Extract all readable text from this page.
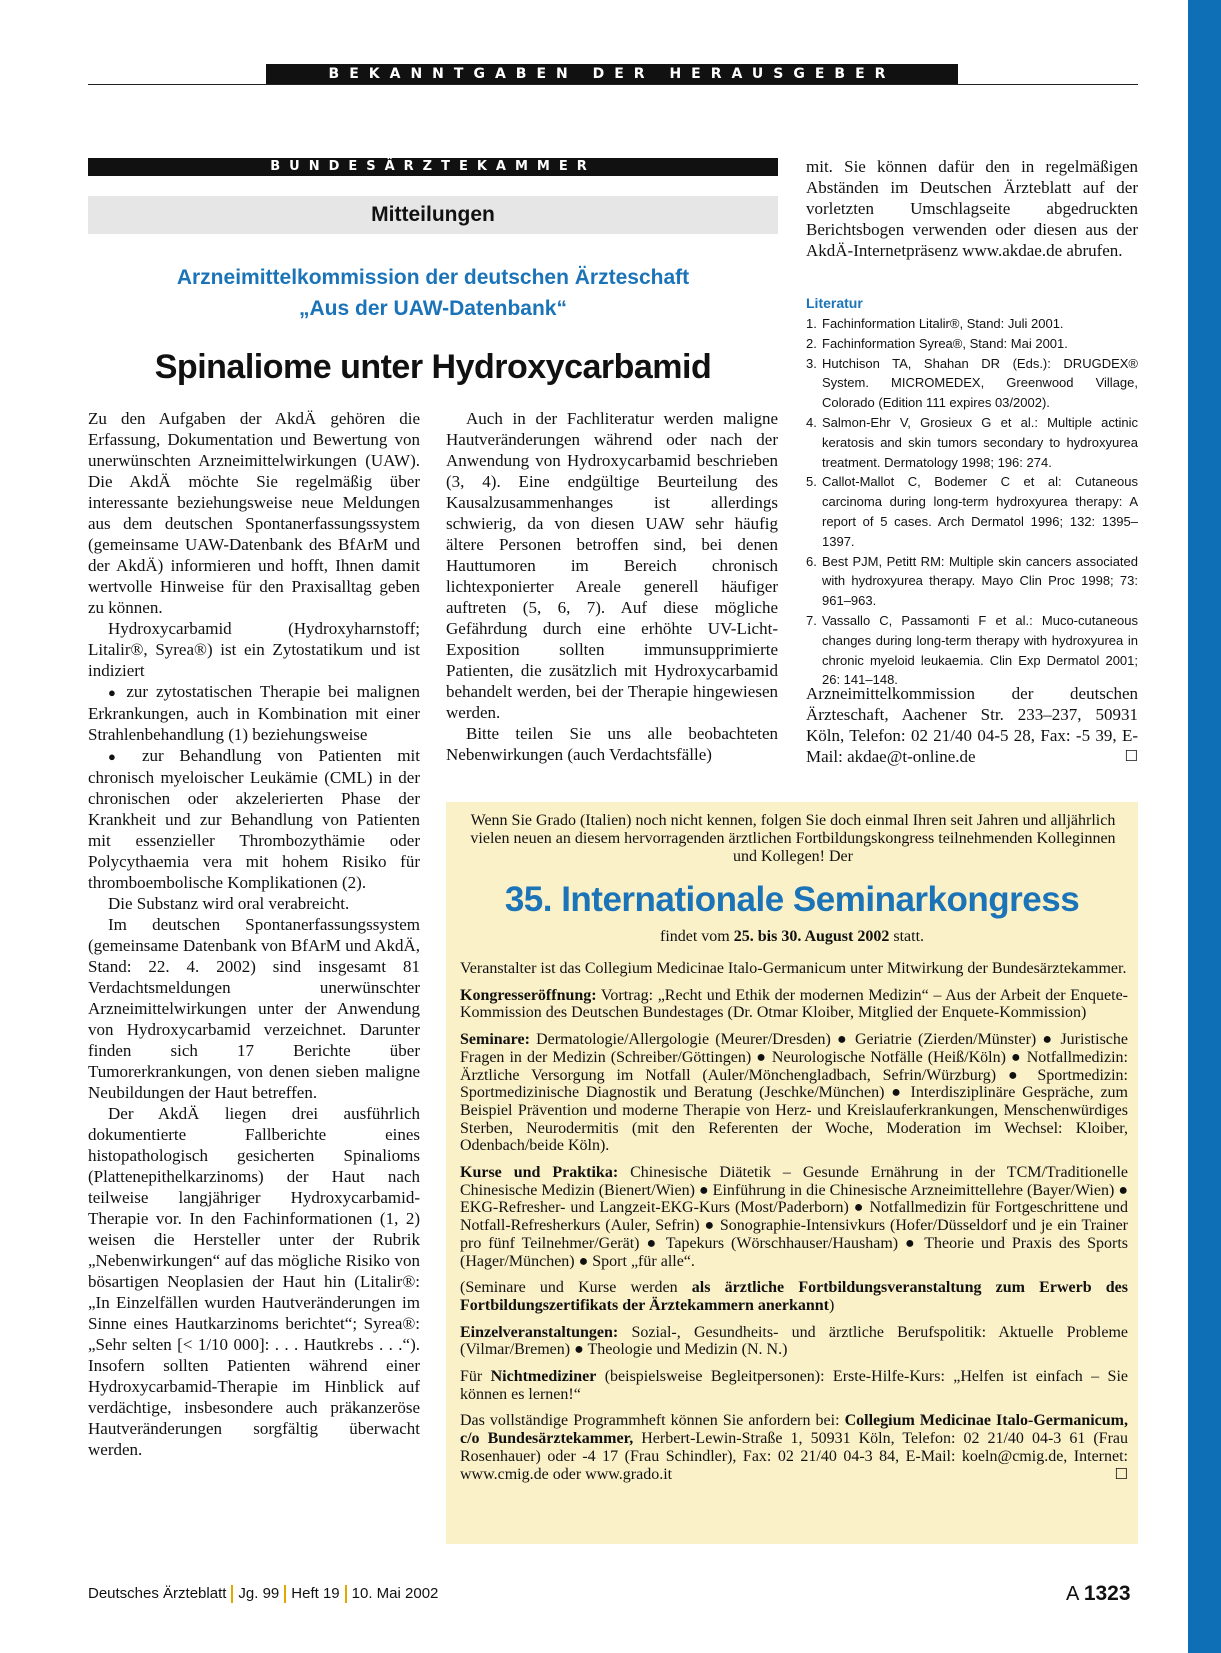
BEKANNTGABEN DER HERAUSGEBER
BUNDESÄRZTEKAMMER
Mitteilungen
Arzneimittelkommission der deutschen Ärzteschaft
„Aus der UAW-Datenbank“
Spinaliome unter Hydroxycarbamid

Zu den Aufgaben der AkdÄ gehören die Erfassung, Dokumentation und Bewertung von unerwünschten Arzneimittelwirkungen (UAW). Die AkdÄ möchte Sie regelmäßig über interessante beziehungsweise neue Meldungen aus dem deutschen Spontanerfassungssystem (gemeinsame UAW-Datenbank des BfArM und der AkdÄ) informieren und hofft, Ihnen damit wertvolle Hinweise für den Praxisalltag geben zu können.

Hydroxycarbamid (Hydroxyharnstoff; Litalir®, Syrea®) ist ein Zytostatikum und ist indiziert

● zur zytostatischen Therapie bei malignen Erkrankungen, auch in Kombination mit einer Strahlenbehandlung (1) beziehungsweise

● zur Behandlung von Patienten mit chronisch myeloischer Leukämie (CML) in der chronischen oder akzelerierten Phase der Krankheit und zur Behandlung von Patienten mit essenzieller Thrombozythämie oder Polycythaemia vera mit hohem Risiko für thromboembolische Komplikationen (2).

Die Substanz wird oral verabreicht.

Im deutschen Spontanerfassungssystem (gemeinsame Datenbank von BfArM und AkdÄ, Stand: 22. 4. 2002) sind insgesamt 81 Verdachtsmeldungen unerwünschter Arzneimittelwirkungen unter der Anwendung von Hydroxycarbamid verzeichnet. Darunter finden sich 17 Berichte über Tumorerkrankungen, von denen sieben maligne Neubildungen der Haut betreffen.

Der AkdÄ liegen drei ausführlich dokumentierte Fallberichte eines histopathologisch gesicherten Spinalioms (Plattenepithelkarzinoms) der Haut nach teilweise langjähriger Hydroxycarbamid-Therapie vor. In den Fachinformationen (1, 2) weisen die Hersteller unter der Rubrik „Nebenwirkungen“ auf das mögliche Risiko von bösartigen Neoplasien der Haut hin (Litalir®: „In Einzelfällen wurden Hautveränderungen im Sinne eines Hautkarzinoms berichtet“; Syrea®: „Sehr selten [< 1/10 000]: . . . Hautkrebs . . .“). Insofern sollten Patienten während einer Hydroxycarbamid-Therapie im Hinblick auf verdächtige, insbesondere auch präkanzeröse Hautveränderungen sorgfältig überwacht werden.

Auch in der Fachliteratur werden maligne Hautveränderungen während oder nach der Anwendung von Hydroxycarbamid beschrieben (3, 4). Eine endgültige Beurteilung des Kausalzusammenhanges ist allerdings schwierig, da von diesen UAW sehr häufig ältere Personen betroffen sind, bei denen Hauttumoren im Bereich chronisch lichtexponierter Areale generell häufiger auftreten (5, 6, 7). Auf diese mögliche Gefährdung durch eine erhöhte UV-Licht-Exposition sollten immunsupprimierte Patienten, die zusätzlich mit Hydroxycarbamid behandelt werden, bei der Therapie hingewiesen werden.

Bitte teilen Sie uns alle beobachteten Nebenwirkungen (auch Verdachtsfälle)

mit. Sie können dafür den in regelmäßigen Abständen im Deutschen Ärzteblatt auf der vorletzten Umschlagseite abgedruckten Berichtsbogen verwenden oder diesen aus der AkdÄ-Internetpräsenz www.akdae.de abrufen.

Literatur
1. Fachinformation Litalir®, Stand: Juli 2001.
2. Fachinformation Syrea®, Stand: Mai 2001.
3. Hutchison TA, Shahan DR (Eds.): DRUGDEX® System. MICROMEDEX, Greenwood Village, Colorado (Edition 111 expires 03/2002).
4. Salmon-Ehr V, Grosieux G et al.: Multiple actinic keratosis and skin tumors secondary to hydroxyurea treatment. Dermatology 1998; 196: 274.
5. Callot-Mallot C, Bodemer C et al: Cutaneous carcinoma during long-term hydroxyurea therapy: A report of 5 cases. Arch Dermatol 1996; 132: 1395–1397.
6. Best PJM, Petitt RM: Multiple skin cancers associated with hydroxyurea therapy. Mayo Clin Proc 1998; 73: 961–963.
7. Vassallo C, Passamonti F et al.: Muco-cutaneous changes during long-term therapy with hydroxyurea in chronic myeloid leukaemia. Clin Exp Dermatol 2001; 26: 141–148.

Arzneimittelkommission der deutschen Ärzteschaft, Aachener Str. 233–237, 50931 Köln, Telefon: 02 21/40 04-5 28, Fax: -5 39, E-Mail: akdae@t-online.de	☐

Wenn Sie Grado (Italien) noch nicht kennen, folgen Sie doch einmal Ihren seit Jahren und alljährlich vielen neuen an diesem hervorragenden ärztlichen Fortbildungskongress teilnehmenden Kolleginnen und Kollegen! Der
35. Internationale Seminarkongress
findet vom 25. bis 30. August 2002 statt.

Veranstalter ist das Collegium Medicinae Italo-Germanicum unter Mitwirkung der Bundesärztekammer.

Kongresseröffnung: Vortrag: „Recht und Ethik der modernen Medizin“ – Aus der Arbeit der Enquete-Kommission des Deutschen Bundestages (Dr. Otmar Kloiber, Mitglied der Enquete-Kommission)

Seminare: Dermatologie/Allergologie (Meurer/Dresden) ● Geriatrie (Zierden/Münster) ● Juristische Fragen in der Medizin (Schreiber/Göttingen) ● Neurologische Notfälle (Heiß/Köln) ● Notfallmedizin: Ärztliche Versorgung im Notfall (Auler/Mönchengladbach, Sefrin/Würzburg) ● Sportmedizin: Sportmedizinische Diagnostik und Beratung (Jeschke/München) ● Interdisziplinäre Gespräche, zum Beispiel Prävention und moderne Therapie von Herz- und Kreislauferkrankungen, Menschenwürdiges Sterben, Neurodermitis (mit den Referenten der Woche, Moderation im Wechsel: Kloiber, Odenbach/beide Köln).

Kurse und Praktika: Chinesische Diätetik – Gesunde Ernährung in der TCM/Traditionelle Chinesische Medizin (Bienert/Wien) ● Einführung in die Chinesische Arzneimittellehre (Bayer/Wien) ● EKG-Refresher- und Langzeit-EKG-Kurs (Most/Paderborn) ● Notfallmedizin für Fortgeschrittene und Notfall-Refresherkurs (Auler, Sefrin) ● Sonographie-Intensivkurs (Hofer/Düsseldorf und je ein Trainer pro fünf Teilnehmer/Gerät) ● Tapekurs (Wörschhauser/Hausham) ● Theorie und Praxis des Sports (Hager/München) ● Sport „für alle“.

(Seminare und Kurse werden als ärztliche Fortbildungsveranstaltung zum Erwerb des Fortbildungszertifikats der Ärztekammern anerkannt)

Einzelveranstaltungen: Sozial-, Gesundheits- und ärztliche Berufspolitik: Aktuelle Probleme (Vilmar/Bremen) ● Theologie und Medizin (N. N.)

Für Nichtmediziner (beispielsweise Begleitpersonen): Erste-Hilfe-Kurs: „Helfen ist einfach – Sie können es lernen!“

Das vollständige Programmheft können Sie anfordern bei: Collegium Medicinae Italo-Germanicum, c/o Bundesärztekammer, Herbert-Lewin-Straße 1, 50931 Köln, Telefon: 02 21/40 04-3 61 (Frau Rosenhauer) oder -4 17 (Frau Schindler), Fax: 02 21/40 04-3 84, E-Mail: koeln@cmig.de, Internet: www.cmig.de oder www.grado.it	☐

Deutsches Ärzteblatt Jg. 99 Heft 19 10. Mai 2002	A 1323
